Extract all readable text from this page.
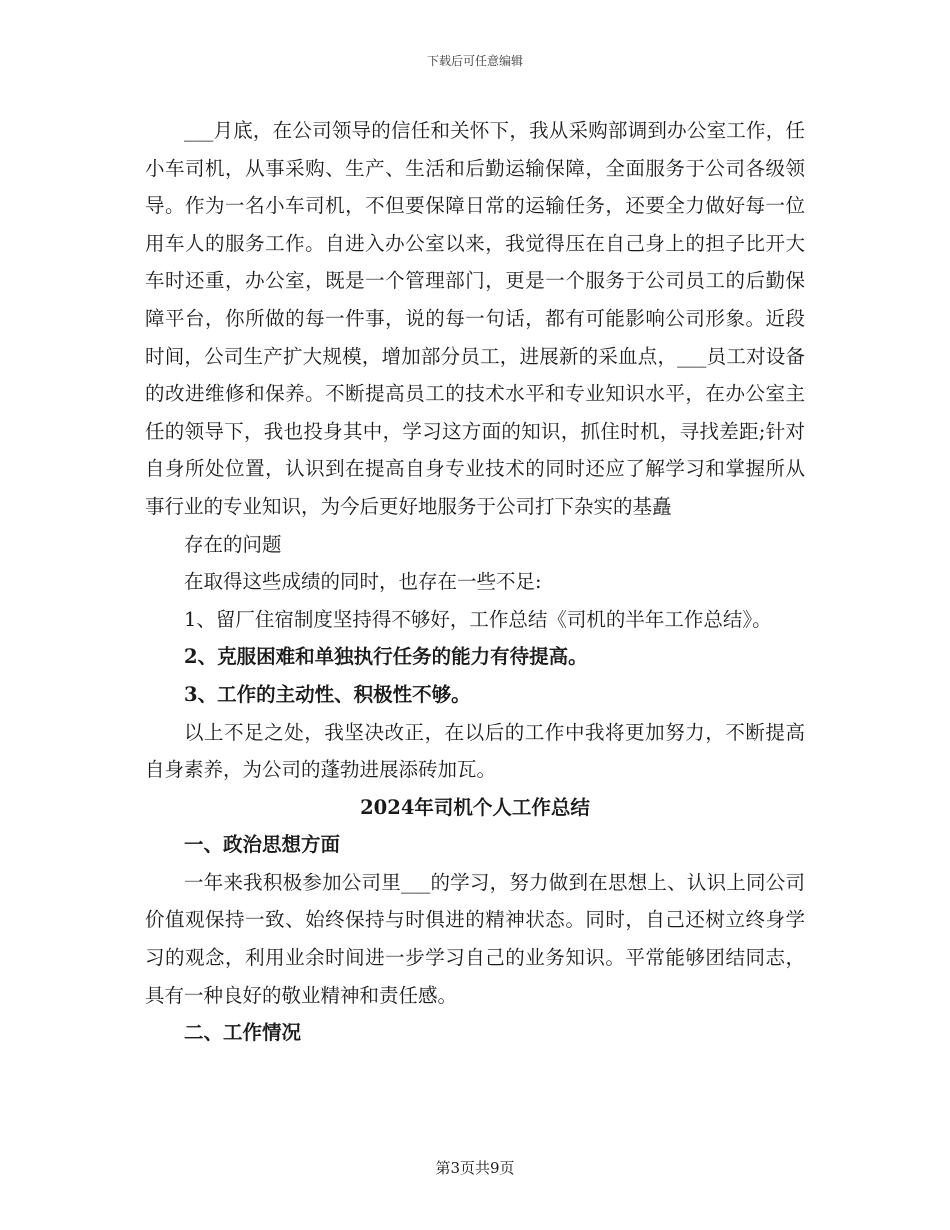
下载后可任意编辑

___月底，在公司领导的信任和关怀下，我从采购部调到办公室工作，任小车司机，从事采购、生产、生活和后勤运输保障，全面服务于公司各级领导。作为一名小车司机，不但要保障日常的运输任务，还要全力做好每一位用车人的服务工作。自进入办公室以来，我觉得压在自己身上的担子比开大车时还重，办公室，既是一个管理部门，更是一个服务于公司员工的后勤保障平台，你所做的每一件事，说的每一句话，都有可能影响公司形象。近段时间，公司生产扩大规模，增加部分员工，进展新的采血点，___员工对设备的改进维修和保养。不断提高员工的技术水平和专业知识水平，在办公室主任的领导下，我也投身其中，学习这方面的知识，抓住时机，寻找差距;针对自身所处位置，认识到在提高自身专业技术的同时还应了解学习和掌握所从事行业的专业知识，为今后更好地服务于公司打下杂实的基矗

存在的问题

在取得这些成绩的同时，也存在一些不足:

1、留厂住宿制度坚持得不够好，工作总结《司机的半年工作总结》。

2、克服困难和单独执行任务的能力有待提高。

3、工作的主动性、积极性不够。

以上不足之处，我坚决改正，在以后的工作中我将更加努力，不断提高自身素养，为公司的蓬勃进展添砖加瓦。

2024年司机个人工作总结

一、政治思想方面

一年来我积极参加公司里___的学习，努力做到在思想上、认识上同公司价值观保持一致、始终保持与时俱进的精神状态。同时，自己还树立终身学习的观念，利用业余时间进一步学习自己的业务知识。平常能够团结同志，具有一种良好的敬业精神和责任感。

二、工作情况

第3页共9页
